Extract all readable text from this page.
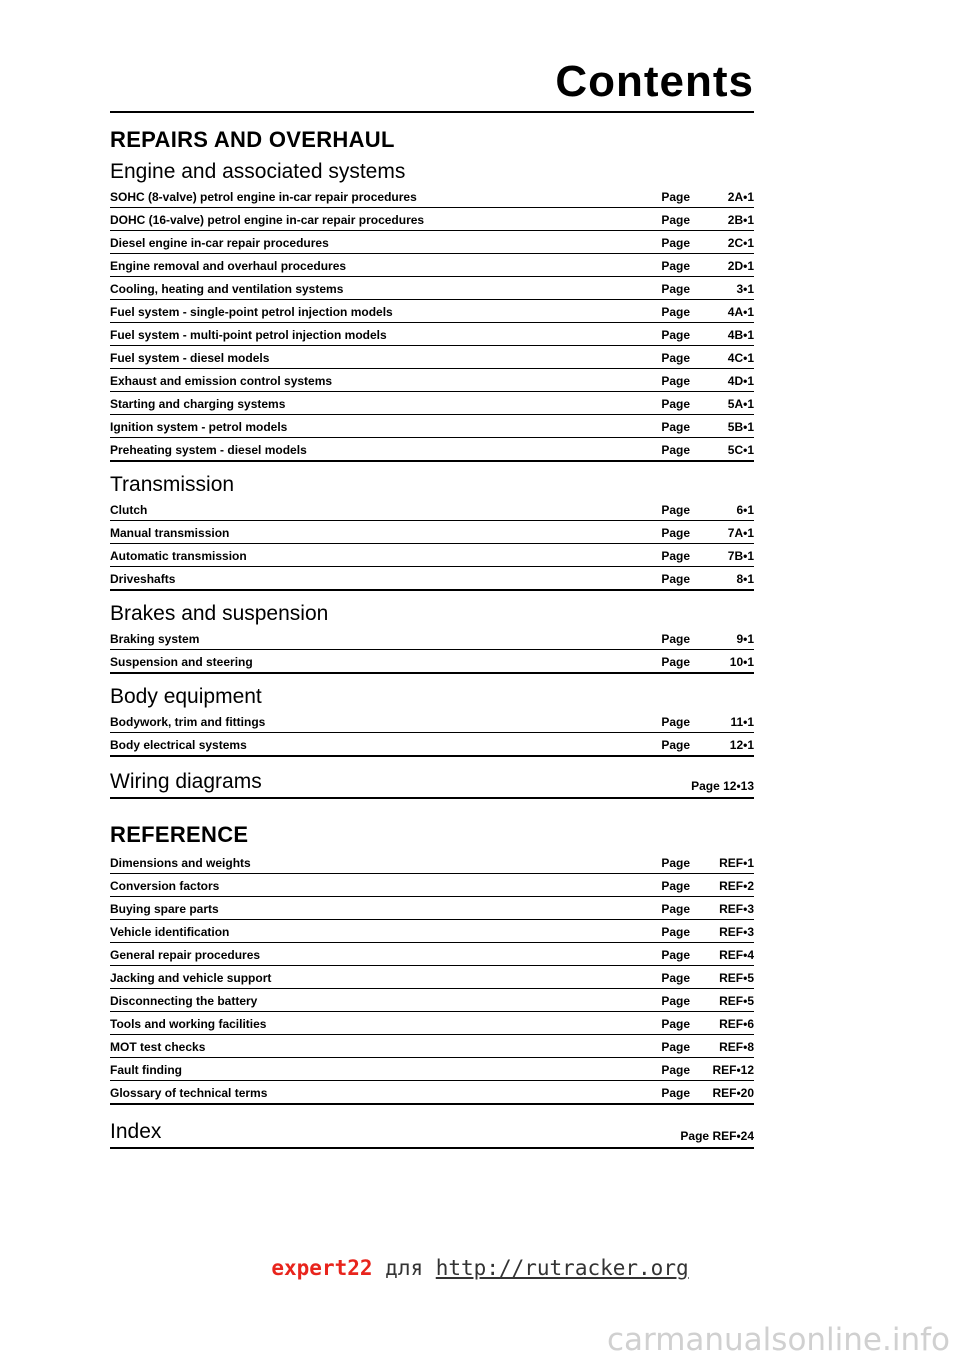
Contents
REPAIRS AND OVERHAUL
Engine and associated systems
SOHC (8-valve) petrol engine in-car repair procedures	Page	2A•1
DOHC (16-valve) petrol engine in-car repair procedures	Page	2B•1
Diesel engine in-car repair procedures	Page	2C•1
Engine removal and overhaul procedures	Page	2D•1
Cooling, heating and ventilation systems	Page	3•1
Fuel system - single-point petrol injection models	Page	4A•1
Fuel system - multi-point petrol injection models	Page	4B•1
Fuel system - diesel models	Page	4C•1
Exhaust and emission control systems	Page	4D•1
Starting and charging systems	Page	5A•1
Ignition system - petrol models	Page	5B•1
Preheating system - diesel models	Page	5C•1
Transmission
Clutch	Page	6•1
Manual transmission	Page	7A•1
Automatic transmission	Page	7B•1
Driveshafts	Page	8•1
Brakes and suspension
Braking system	Page	9•1
Suspension and steering	Page	10•1
Body equipment
Bodywork, trim and fittings	Page	11•1
Body electrical systems	Page	12•1
Wiring diagrams	Page 12•13
REFERENCE
Dimensions and weights	Page	REF•1
Conversion factors	Page	REF•2
Buying spare parts	Page	REF•3
Vehicle identification	Page	REF•3
General repair procedures	Page	REF•4
Jacking and vehicle support	Page	REF•5
Disconnecting the battery	Page	REF•5
Tools and working facilities	Page	REF•6
MOT test checks	Page	REF•8
Fault finding	Page	REF•12
Glossary of technical terms	Page	REF•20
Index	Page REF•24
expert22 для http://rutracker.org
carmanualsonline.info
